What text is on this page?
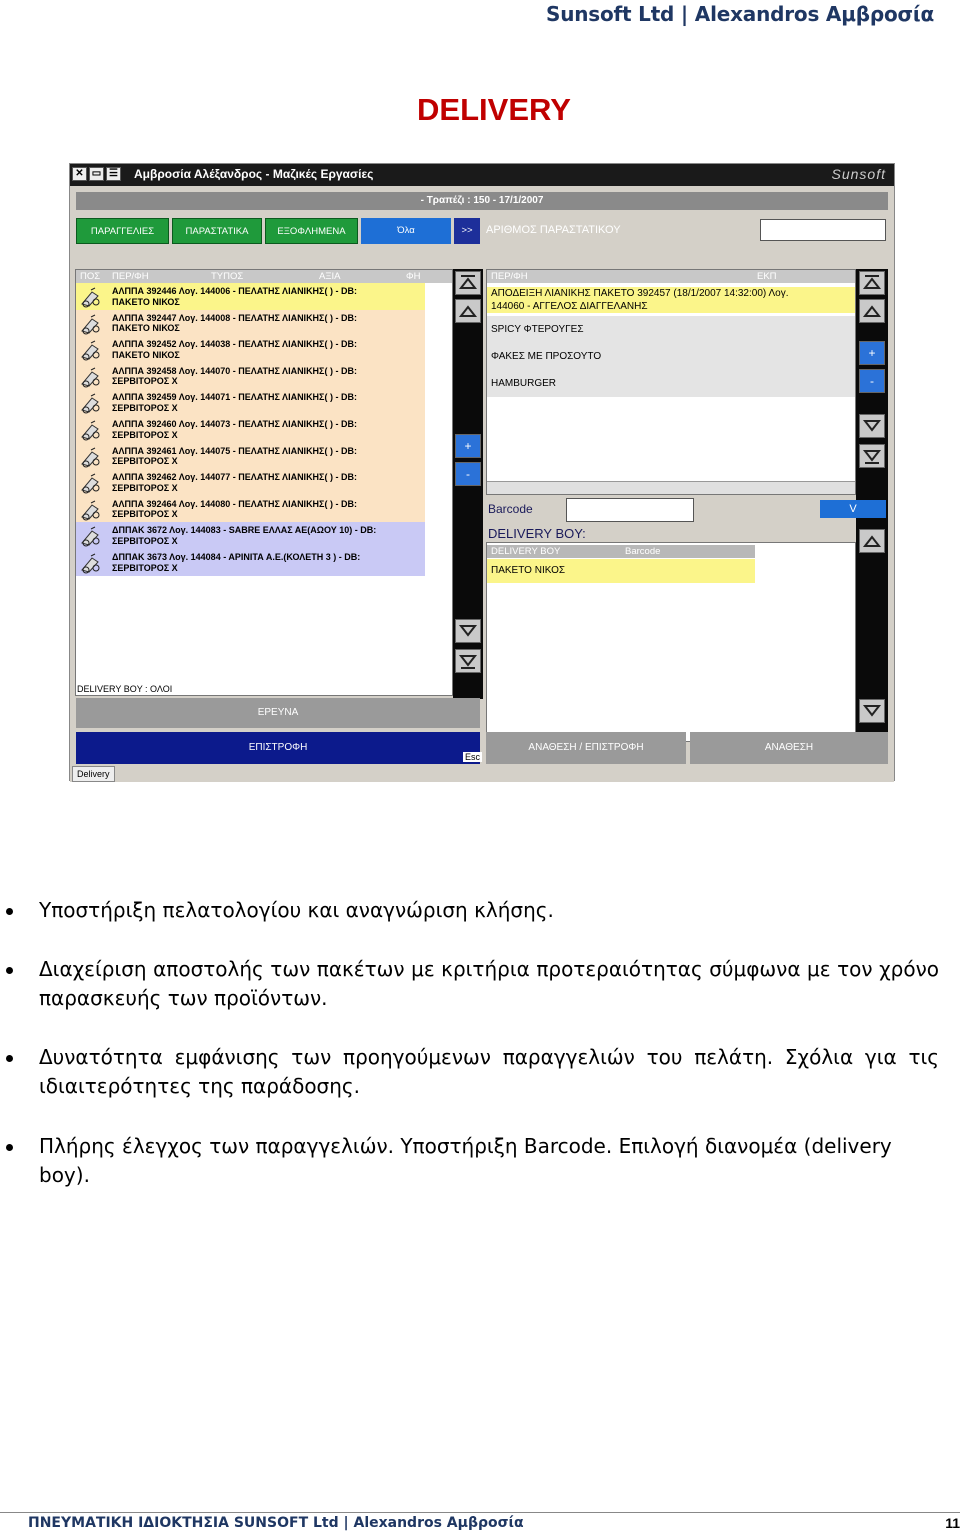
Sunsoft Ltd | Alexandros Αμβροσία
DELIVERY
✕ ▭ ☰ Αμβροσία Αλέξανδρος - Μαζικές Εργασίες	Sunsoft
- Τραπέζι : 150 - 17/1/2007
ΠΑΡΑΓΓΕΛΙΕΣ	ΠΑΡΑΣΤΑΤΙΚΑ	ΕΞΟΦΛΗΜΕΝΑ	Όλα	>>	ΑΡΙΘΜΟΣ ΠΑΡΑΣΤΑΤΙΚΟΥ
ΠΟΣ ΠΕΡ/ΦΗ	ΤΥΠΟΣ	ΑΞΙΑ	ΦΗ
ΑΛΠΠΑ 392446 Λογ. 144006 - ΠΕΛΑΤΗΣ ΛΙΑΝΙΚΗΣ( ) - DB:
ΠΑΚΕΤΟ ΝΙΚΟΣ
ΑΛΠΠΑ 392447 Λογ. 144008 - ΠΕΛΑΤΗΣ ΛΙΑΝΙΚΗΣ( ) - DB:
ΠΑΚΕΤΟ ΝΙΚΟΣ
ΑΛΠΠΑ 392452 Λογ. 144038 - ΠΕΛΑΤΗΣ ΛΙΑΝΙΚΗΣ( ) - DB:
ΠΑΚΕΤΟ ΝΙΚΟΣ
ΑΛΠΠΑ 392458 Λογ. 144070 - ΠΕΛΑΤΗΣ ΛΙΑΝΙΚΗΣ( ) - DB:
ΣΕΡΒΙΤΟΡΟΣ Χ
ΑΛΠΠΑ 392459 Λογ. 144071 - ΠΕΛΑΤΗΣ ΛΙΑΝΙΚΗΣ( ) - DB:
ΣΕΡΒΙΤΟΡΟΣ Χ
ΑΛΠΠΑ 392460 Λογ. 144073 - ΠΕΛΑΤΗΣ ΛΙΑΝΙΚΗΣ( ) - DB:
ΣΕΡΒΙΤΟΡΟΣ Χ
ΑΛΠΠΑ 392461 Λογ. 144075 - ΠΕΛΑΤΗΣ ΛΙΑΝΙΚΗΣ( ) - DB:
ΣΕΡΒΙΤΟΡΟΣ Χ
ΑΛΠΠΑ 392462 Λογ. 144077 - ΠΕΛΑΤΗΣ ΛΙΑΝΙΚΗΣ( ) - DB:
ΣΕΡΒΙΤΟΡΟΣ Χ
ΑΛΠΠΑ 392464 Λογ. 144080 - ΠΕΛΑΤΗΣ ΛΙΑΝΙΚΗΣ( ) - DB:
ΣΕΡΒΙΤΟΡΟΣ Χ
ΔΠΠΑΚ 3672 Λογ. 144083 - SABRE ΕΛΛΑΣ ΑΕ(ΑΩΟΥ 10) - DB:
ΣΕΡΒΙΤΟΡΟΣ Χ
ΔΠΠΑΚ 3673 Λογ. 144084 - ΑΡΙΝΙΤΑ Α.Ε.(ΚΟΛΕΤΗ 3 ) - DB:
ΣΕΡΒΙΤΟΡΟΣ Χ
+
-
DELIVERY BOY : ΟΛΟΙ
ΕΡΕΥΝΑ
ΕΠΙΣΤΡΟΦΗ
Esc
ΠΕΡ/ΦΗ	ΕΚΠ
ΑΠΟΔΕΙΞΗ ΛΙΑΝΙΚΗΣ ΠΑΚΕΤΟ 392457 (18/1/2007 14:32:00) Λογ.
144060 - ΑΓΓΕΛΟΣ ΔΙΑΓΓΕΛΑΝΗΣ
SPICY ΦΤΕΡΟΥΓΕΣ
ΦΑΚΕΣ ΜΕ ΠΡΟΣΟΥΤΟ
HAMBURGER
+
-
Barcode	V
DELIVERY BOY:
DELIVERY BOY	Barcode
ΠΑΚΕΤΟ ΝΙΚΟΣ
ΑΝΑΘΕΣΗ / ΕΠΙΣΤΡΟΦΗ	ΑΝΑΘΕΣΗ
Delivery
Υποστήριξη πελατολογίου και αναγνώριση κλήσης.
Διαχείριση αποστολής των πακέτων με κριτήρια προτεραιότητας σύμφωνα με τον χρόνο παρασκευής των προϊόντων.
Δυνατότητα εμφάνισης των προηγούμενων παραγγελιών του πελάτη. Σχόλια για τις ιδιαιτερότητες της παράδοσης.
Πλήρης έλεγχος των παραγγελιών. Υποστήριξη Barcode. Επιλογή διανομέα (delivery boy).
ΠΝΕΥΜΑΤΙΚΗ ΙΔΙΟΚΤΗΣΙΑ SUNSOFT Ltd | Alexandros Αμβροσία	11
